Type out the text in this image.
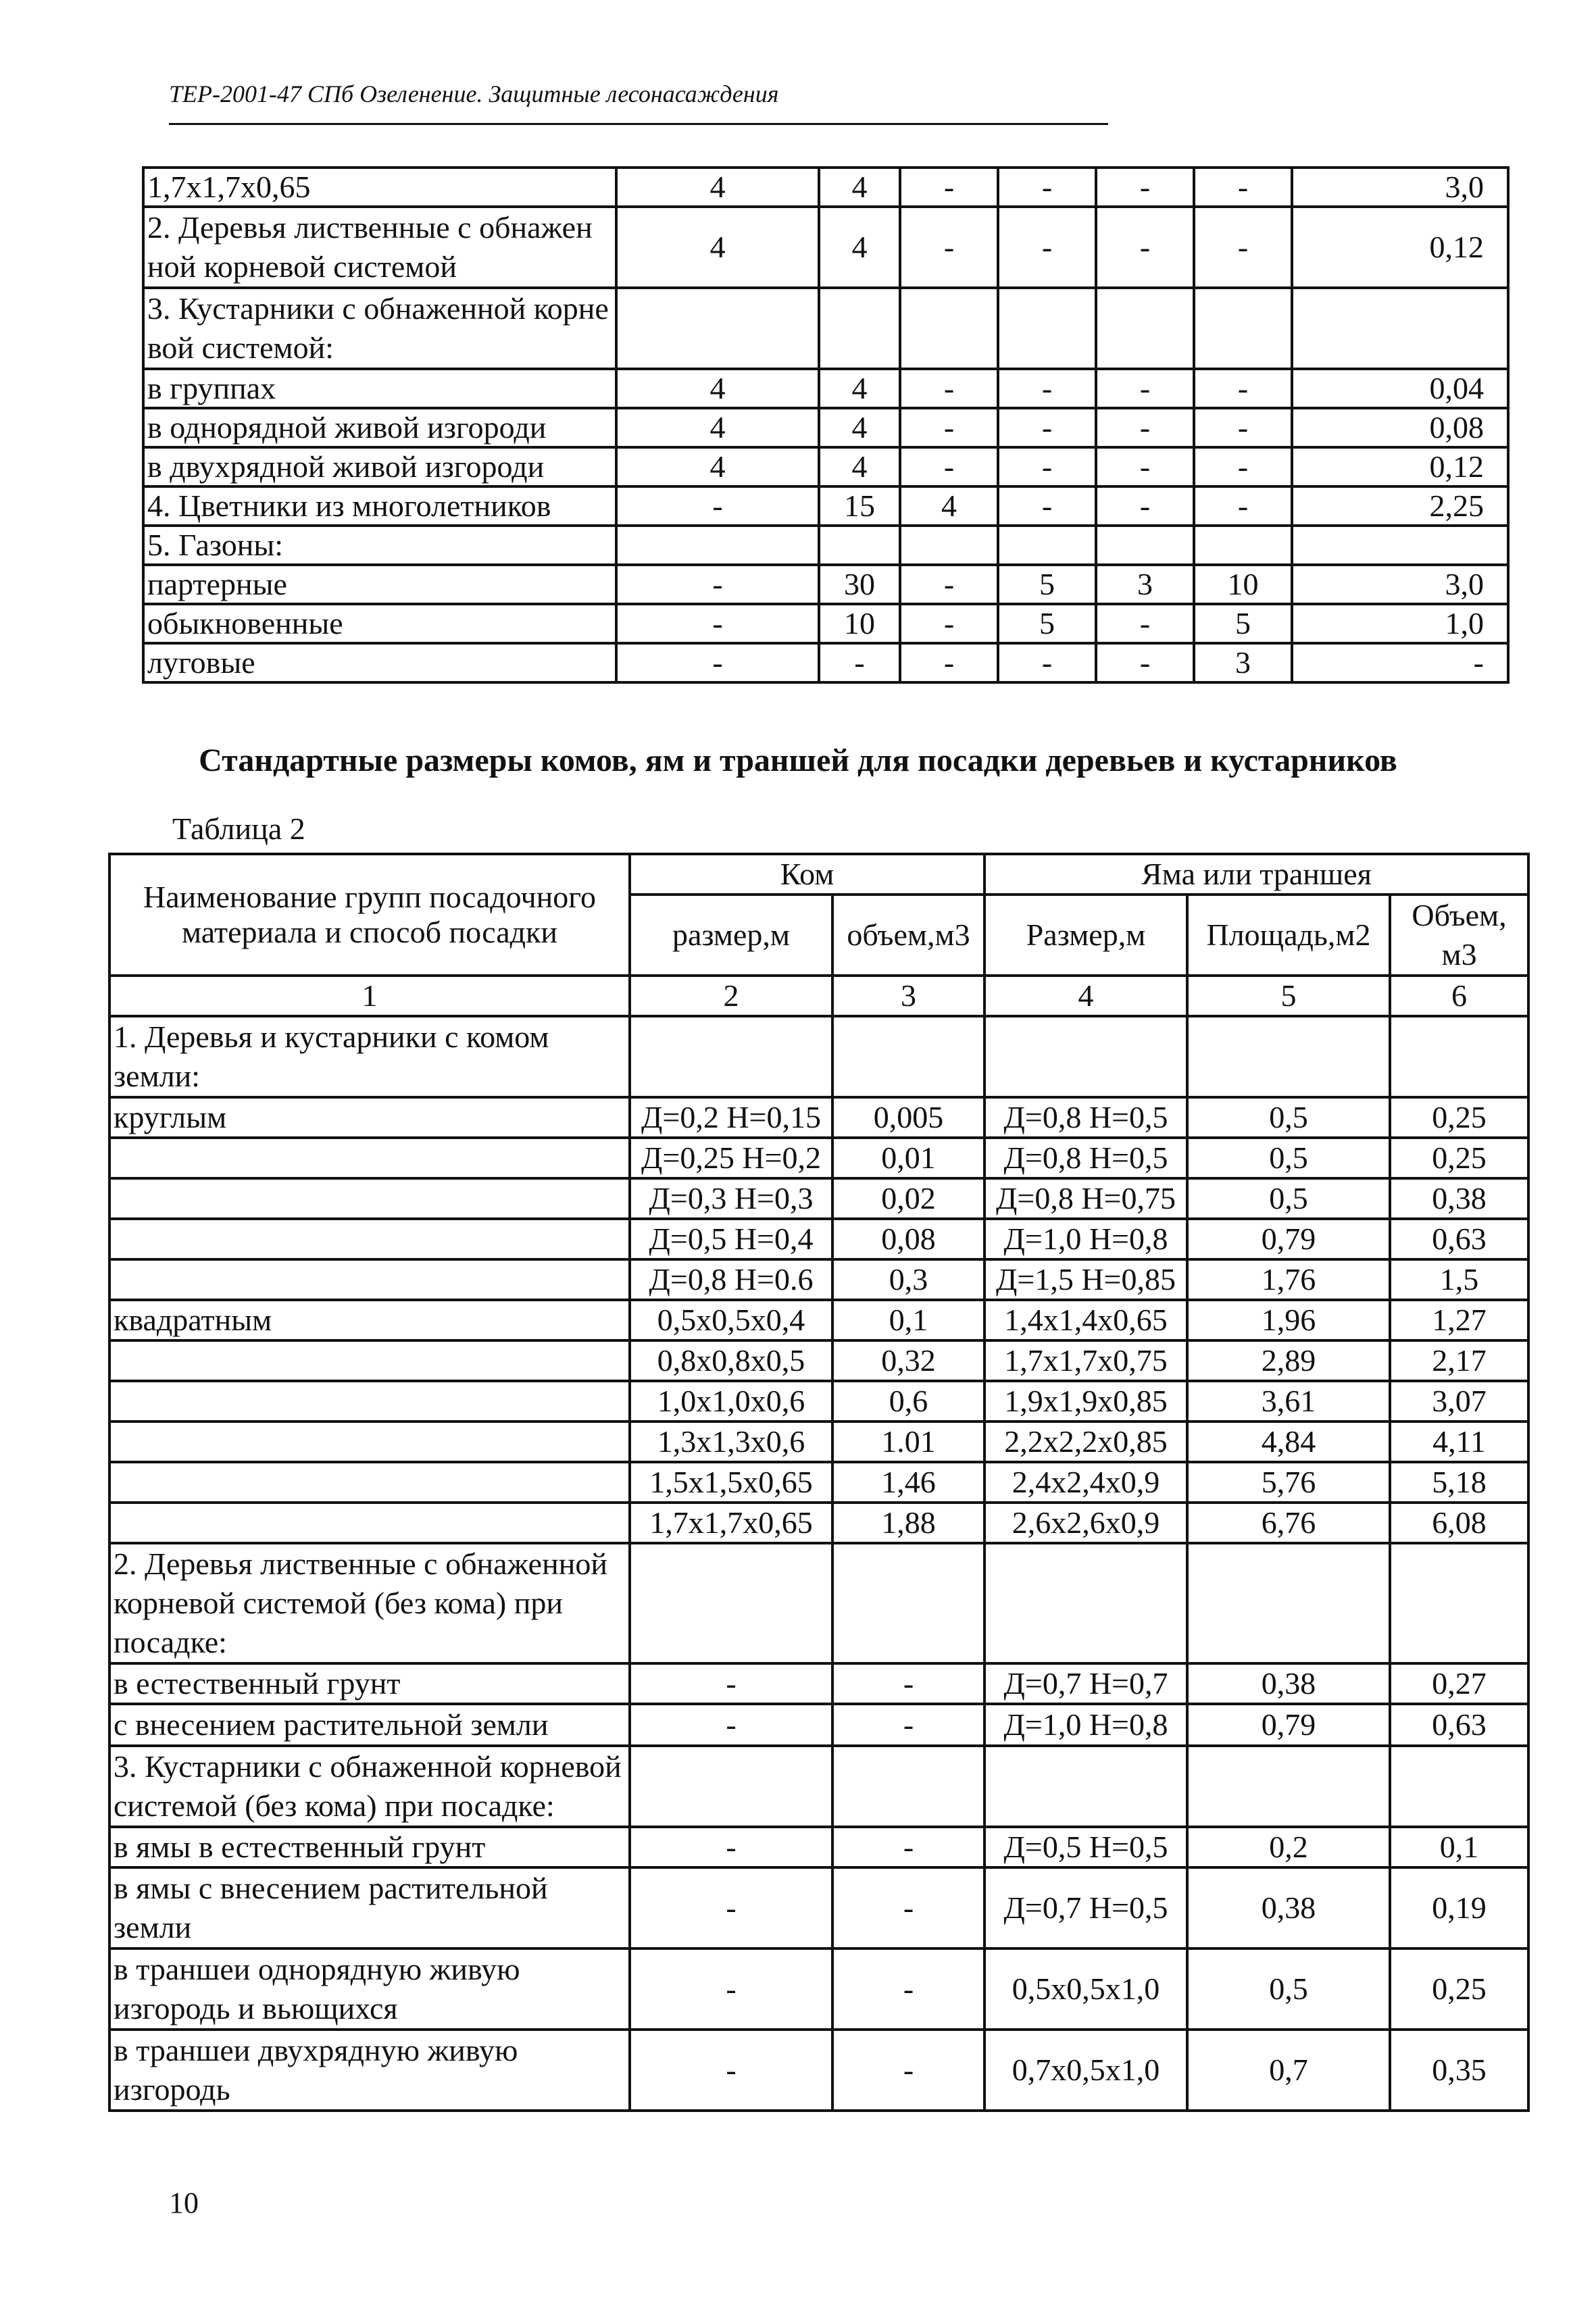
ТЕР-2001-47 СПб Озеленение. Защитные лесонасаждения
1,7х1,7х0,65	4	4	-	-	-	-	3,0
2. Деревья лиственные с обнажен ной корневой системой	4	4	-	-	-	-	0,12
3. Кустарники с обнаженной корне вой системой:							
в группах	4	4	-	-	-	-	0,04
в однорядной живой изгороди	4	4	-	-	-	-	0,08
в двухрядной живой изгороди	4	4	-	-	-	-	0,12
4. Цветники из многолетников	-	15	4	-	-	-	2,25
5. Газоны:							
партерные	-	30	-	5	3	10	3,0
обыкновенные	-	10	-	5	-	5	1,0
луговые	-	-	-	-	-	3	-
Стандартные размеры комов, ям и траншей для посадки деревьев и кустарников
Таблица 2
Наименование групп посадочного материала и способ посадки	Ком		Яма или траншея		
	размер,м	объем,м3	Размер,м	Площадь,м2	Объем, м3
1	2	3	4	5	6
1. Деревья и кустарники с комом земли:					
круглым	Д=0,2 Н=0,15	0,005	Д=0,8 Н=0,5	0,5	0,25
	Д=0,25 Н=0,2	0,01	Д=0,8 Н=0,5	0,5	0,25
	Д=0,3 Н=0,3	0,02	Д=0,8 Н=0,75	0,5	0,38
	Д=0,5 Н=0,4	0,08	Д=1,0 Н=0,8	0,79	0,63
	Д=0,8 Н=0.6	0,3	Д=1,5 Н=0,85	1,76	1,5
квадратным	0,5х0,5х0,4	0,1	1,4х1,4х0,65	1,96	1,27
	0,8х0,8х0,5	0,32	1,7х1,7х0,75	2,89	2,17
	1,0х1,0х0,6	0,6	1,9х1,9х0,85	3,61	3,07
	1,3х1,3х0,6	1.01	2,2х2,2х0,85	4,84	4,11
	1,5х1,5х0,65	1,46	2,4х2,4х0,9	5,76	5,18
	1,7х1,7х0,65	1,88	2,6х2,6х0,9	6,76	6,08
2. Деревья лиственные с обнаженной корневой системой (без кома) при посадке:					
в естественный грунт	-	-	Д=0,7 Н=0,7	0,38	0,27
с внесением растительной земли	-	-	Д=1,0 Н=0,8	0,79	0,63
3. Кустарники с обнаженной корневой системой (без кома) при посадке:					
в ямы в естественный грунт	-	-	Д=0,5 Н=0,5	0,2	0,1
в ямы с внесением растительной земли	-	-	Д=0,7 Н=0,5	0,38	0,19
в траншеи однорядную живую изгородь и вьющихся	-	-	0,5х0,5х1,0	0,5	0,25
в траншеи двухрядную живую изгородь	-	-	0,7х0,5х1,0	0,7	0,35
10
